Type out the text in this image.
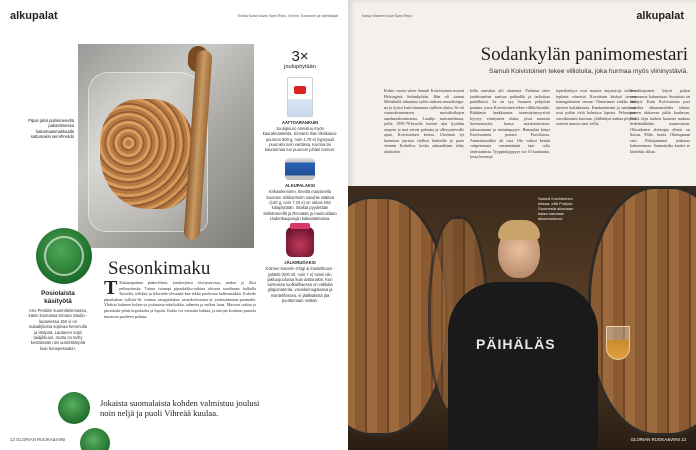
alkupalat	Emilia Kolari kuvat Sami Repo, Kimmo Tuominen ja valmistajat
Pipari jatat palmimeneltä pakastimessa kakomaasmakkaalla sattumaksi semiFreddo
Posiolaista käsityötä
Anu Perälän suunnittelemassa, käsin kootuissa Kimara Studio -lautasessa 150 vi on sulaahjilusta sopivaa hemmulla ja lämpöä. Lautanen sopii taidjikkuun, mutta on tarhy kestämään niin uunimlämpöä kuin konepesuakin.
Sesonkimaku
T Kakanapatinia pääterlöimä, kanilevjässä riisi-puurossa, makea ja fiksi pelimoituska. Tuttuu tutumpi piparkakku-taikina ohcuan suodinaan hulkulla Kaseilla, tetlikka ja lelaväide-ylestasiä-kan tekkä puolestaa kalbenmäkkä. Kokeile piparkakun syllistä-lle voimaa satuppulukua sasaokolcsaoma-ja joulustakauma-puumalta. Yhdistä kahteen kolaus-ja joulutusta-taksiloikka, tahmeta ja mökeä lataa. Muovaa sarkaa ja piiraskaki-jalusi kopuksolta ja lopotit. Kakia voi vastaisia lukkaa, ja tattojat koulutus puutola muotoon puolteen palataa.
Jokaista suomalaista kohden valmistuu joulusi noin neljä ja puoli Vihreää kuulaa.
3×
joulupöytään
AATTOARANKUIN
Joulupuuro onnistuu myös kaurahiutaleista. Kinnarin Ilian tiksikaura-puuroon 500 g, noin 4,75 e) kypsyuuli puuroksi noin varttissa. Kormia tai kaurasmaa tuo puuroon juhlan tunnun.
ALKUPALAKSI
Kirkasilenniren, tinettiä mausteella Suomen Siilikonttorin savuhie sitäiteä (140 g, noin 7,20 e) on raikas että kalaplyöään. Sitakat pyydetään Selkämerellä ja Recuään ja marinoidaan Uudenkaupungin kalasatamassa.
JÄLKIRUOAKSI
Kolmen Kaverin Glögi & mantelitousi -jäätelö (500 ml, noin 7 e) toimii niin jakkuojoulussa kuin aattonakin. Kun sarmassa luolkalihaessa on vakkala glögianaterita, vasiekemugalassa ja mantelifossea, ei jäälkiakistä jää puuttumaan mitään.
12 GLORIAN RUOKA&VIINI
Kaisa Viitanen kuva Sami Repo	alkupalat
Sodankylän panimomestari
Samuli Koivistoinen tekee villioluita, joka hurmaa myös viininystäviä.
Kolmi vuotta sitten Samuli Koivistoinen muutti Helsingistä Sodankylään. Hän oli saanut Meluåtallä tuhanttaa tydin sisäisen maaalisiuga-na ja tyyksi karttoittamaan vuilleen oluita. Se oli vastaväisimmasen metsäkotkojen amolmaalsomisensa. Laudijo muistutelmaat, joilla 1950-70-luvulla karteet ajat lyyödän aropent ja mat veivat pohoma ja ollessyntevalle ajaat, Koivistoinen kertoo. Uterhnin tyi huomeon parissa viellisä kiiniinlla ja paria viennin Kolarlisa, koska ankraailinen tehty olutkokin.
kella omistitat ylii oluttanse. Paihatus taiee tarahtoaniina sanisaa paihadilä ja tarkoittaa paitalluittä. Se on syy Suomen pohjoisin panimo, jossa Koivistoinen tekee villilioluotulla. Ralakasta hankkutusta taarmityimyyrsiisä kyysyy viinitynien oluita, jossa maustsa hormonorytte, kunsa maskariaisterat, juhuasiammi ja metsämpyyre. Hamaalan käuyt Koivistoinen pommi Portoluissa. Ammattiavalkis oli osia. Olo vaikea kestää vaitpermusta enemmäänni inni rolia onnistamista. Tyyppinkyppyys voi 10 kuukautta, jossa hermoja
tepieikäslyys ovat mausia anyaroioja sioluen teplasta viineistä. Kovoittain käsityö tarvon kamagalaiseen seurue. Tämäsantei vaikka inni täyteen kultakasinta. Kankaanmanit ja nauäavät ovat pitkin tötiä kolmissa lapsisa. Pelorainen vuosikiaasiin karvaan, yläilänkyn makaa pöytäsi voiteen innoin tusei veilla.
Sivukkiajoneet käyvä paljon avaamassa kuhmetuaa. Suosituin on räätäyä. Kuin Koivistoisen puri vuoaltta alkunsamihdes tahtaa-puteen aktioessa juhla kuuluvan. Sieltä täyn kaiken kaatona maksaa hedelmäkkään maanvataan. Olusaikuten alteimpia eltenä on Saissa. Pölle, kesäa. Oluttupaaan ensi Pohnjumintoi joukassa kolmeenmaa. Sumnaisilta kuulet se kiintekki alkuu.
PÄIHÄLÄS
Samuli Koivistoinen toteaa, että Pohjois-Suomesta aikanaan kalaa haudaan alkoiransikuut
GLORIAN RUOKA&VIINI 13
